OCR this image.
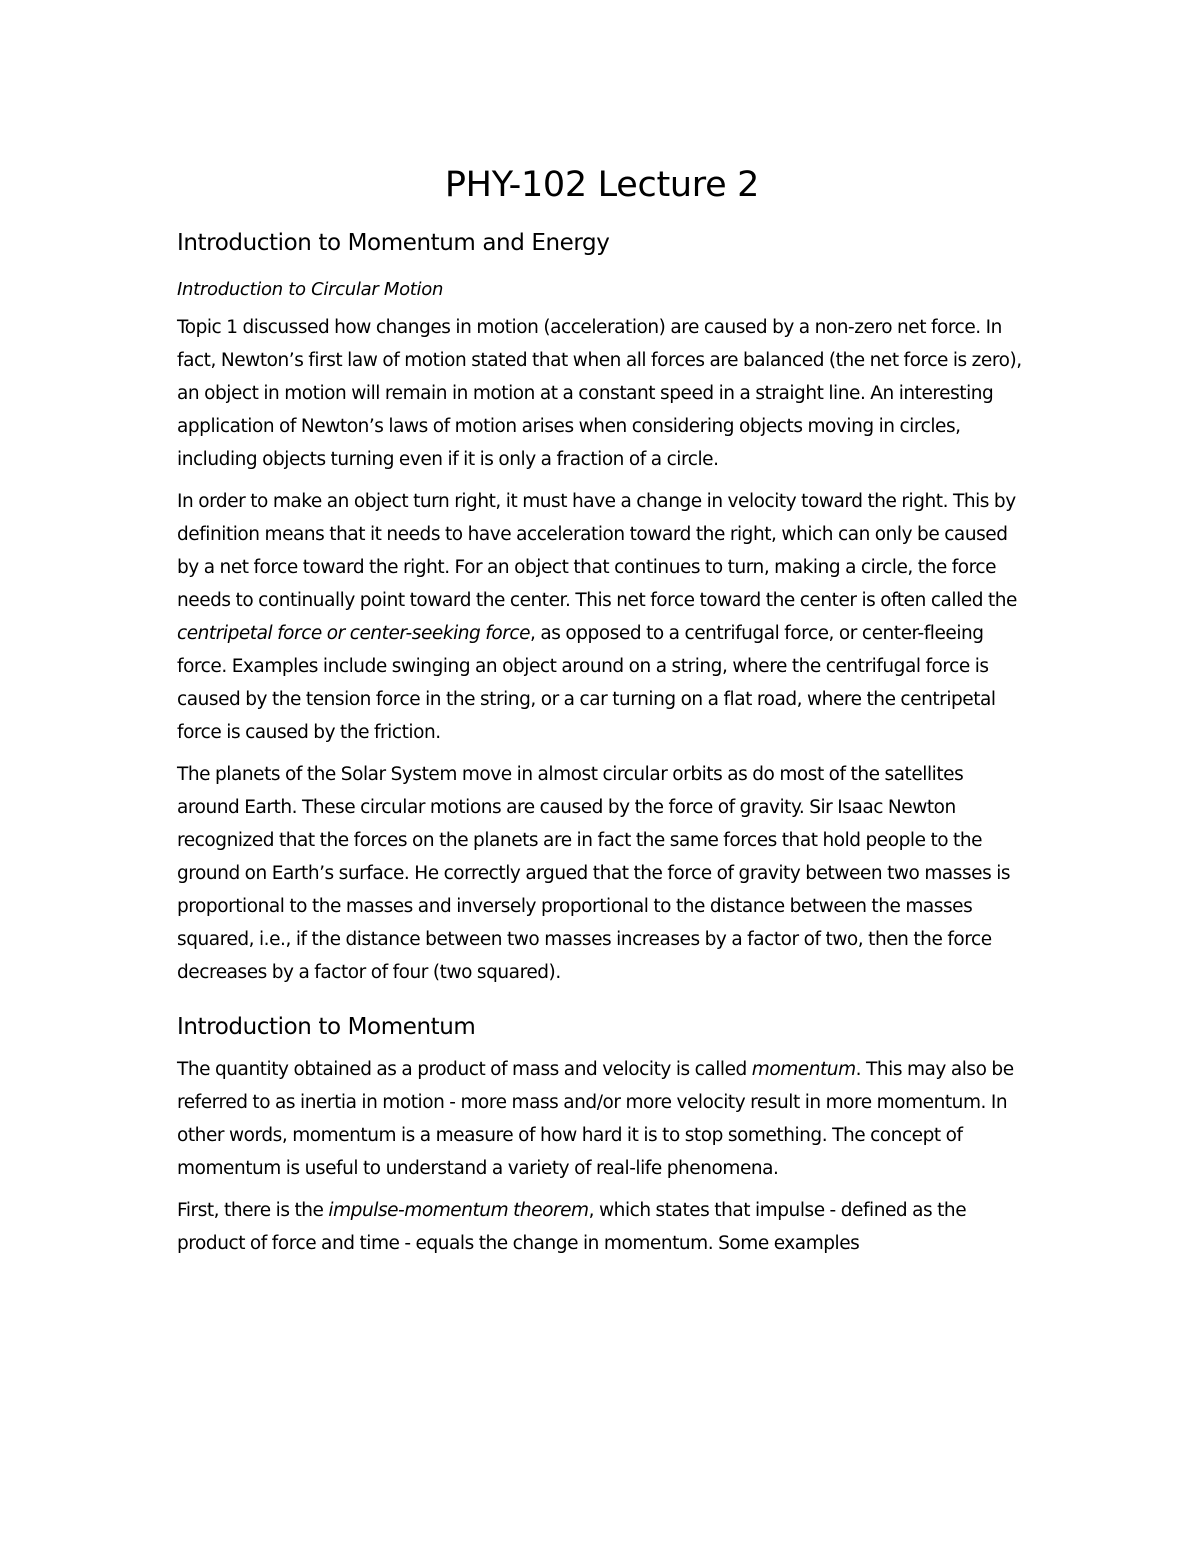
PHY-102 Lecture 2
Introduction to Momentum and Energy
Introduction to Circular Motion

Topic 1 discussed how changes in motion (acceleration) are caused by a non-zero net force. In fact, Newton’s first law of motion stated that when all forces are balanced (the net force is zero), an object in motion will remain in motion at a constant speed in a straight line. An interesting application of Newton’s laws of motion arises when considering objects moving in circles, including objects turning even if it is only a fraction of a circle.

In order to make an object turn right, it must have a change in velocity toward the right. This by definition means that it needs to have acceleration toward the right, which can only be caused by a net force toward the right. For an object that continues to turn, making a circle, the force needs to continually point toward the center. This net force toward the center is often called the centripetal force or center-seeking force, as opposed to a centrifugal force, or center-fleeing force. Examples include swinging an object around on a string, where the centrifugal force is caused by the tension force in the string, or a car turning on a flat road, where the centripetal force is caused by the friction.

The planets of the Solar System move in almost circular orbits as do most of the satellites around Earth. These circular motions are caused by the force of gravity. Sir Isaac Newton recognized that the forces on the planets are in fact the same forces that hold people to the ground on Earth’s surface. He correctly argued that the force of gravity between two masses is proportional to the masses and inversely proportional to the distance between the masses squared, i.e., if the distance between two masses increases by a factor of two, then the force decreases by a factor of four (two squared).

Introduction to Momentum

The quantity obtained as a product of mass and velocity is called momentum. This may also be referred to as inertia in motion - more mass and/or more velocity result in more momentum. In other words, momentum is a measure of how hard it is to stop something. The concept of momentum is useful to understand a variety of real-life phenomena.

First, there is the impulse-momentum theorem, which states that impulse - defined as the product of force and time - equals the change in momentum. Some examples
